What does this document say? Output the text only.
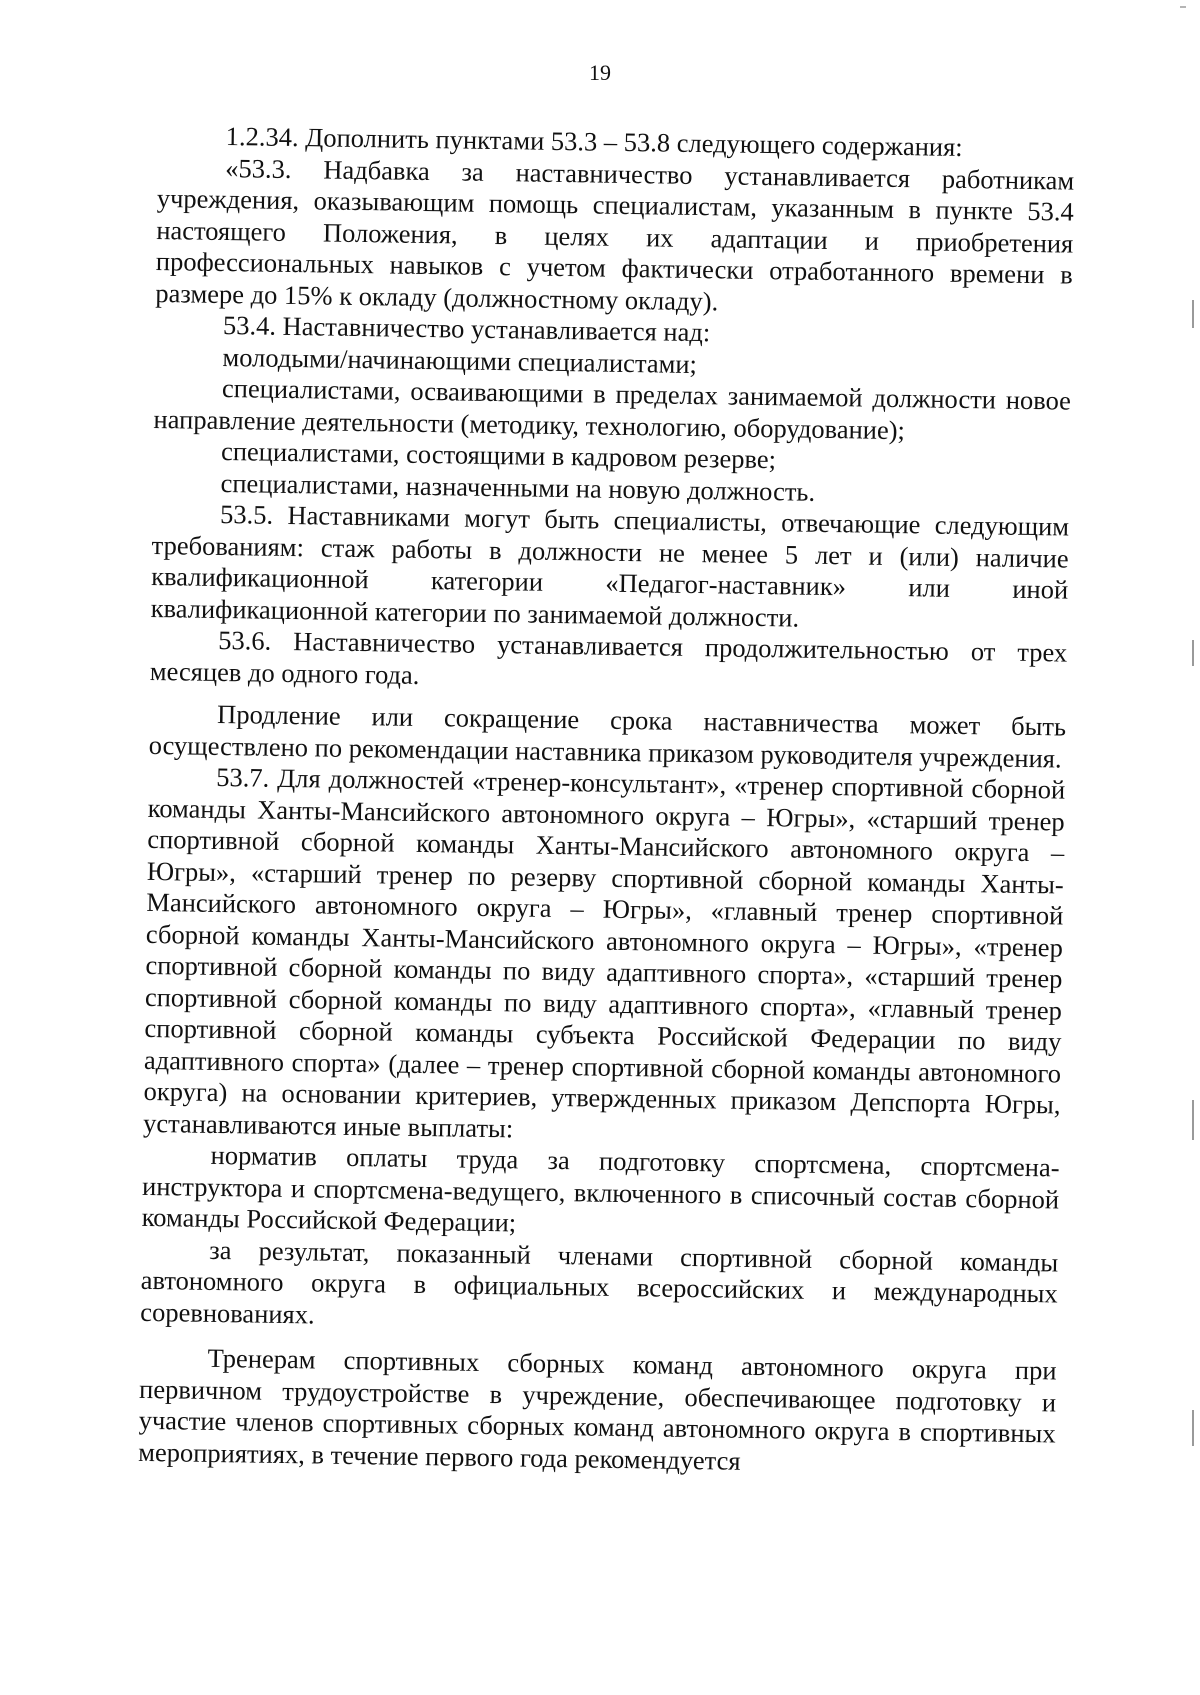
19

1.2.34. Дополнить пунктами 53.3 – 53.8 следующего содержания:

«53.3. Надбавка за наставничество устанавливается работникам учреждения, оказывающим помощь специалистам, указанным в пункте 53.4 настоящего Положения, в целях их адаптации и приобретения профессиональных навыков с учетом фактически отработанного времени в размере до 15% к окладу (должностному окладу).

53.4. Наставничество устанавливается над:

молодыми/начинающими специалистами;

специалистами, осваивающими в пределах занимаемой должности новое направление деятельности (методику, технологию, оборудование);

специалистами, состоящими в кадровом резерве;

специалистами, назначенными на новую должность.

53.5. Наставниками могут быть специалисты, отвечающие следующим требованиям: стаж работы в должности не менее 5 лет и (или) наличие квалификационной категории «Педагог-наставник» или иной квалификационной категории по занимаемой должности.

53.6. Наставничество устанавливается продолжительностью от трех месяцев до одного года.

Продление или сокращение срока наставничества может быть осуществлено по рекомендации наставника приказом руководителя учреждения.

53.7. Для должностей «тренер-консультант», «тренер спортивной сборной команды Ханты-Мансийского автономного округа – Югры», «старший тренер спортивной сборной команды Ханты-Мансийского автономного округа – Югры», «старший тренер по резерву спортивной сборной команды Ханты-Мансийского автономного округа – Югры», «главный тренер спортивной сборной команды Ханты-Мансийского автономного округа – Югры», «тренер спортивной сборной команды по виду адаптивного спорта», «старший тренер спортивной сборной команды по виду адаптивного спорта», «главный тренер спортивной сборной команды субъекта Российской Федерации по виду адаптивного спорта» (далее – тренер спортивной сборной команды автономного округа) на основании критериев, утвержденных приказом Депспорта Югры, устанавливаются иные выплаты:

норматив оплаты труда за подготовку спортсмена, спортсмена-инструктора и спортсмена-ведущего, включенного в списочный состав сборной команды Российской Федерации;

за результат, показанный членами спортивной сборной команды автономного округа в официальных всероссийских и международных соревнованиях.

Тренерам спортивных сборных команд автономного округа при первичном трудоустройстве в учреждение, обеспечивающее подготовку и участие членов спортивных сборных команд автономного округа в спортивных мероприятиях, в течение первого года рекомендуется
